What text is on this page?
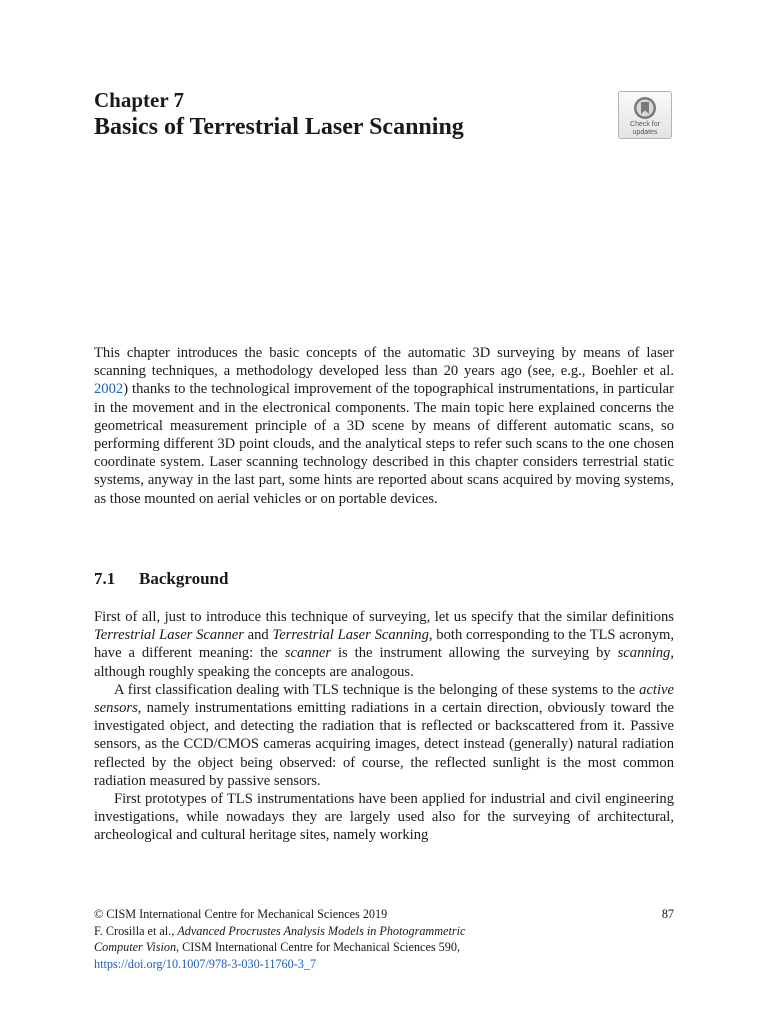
Chapter 7
Basics of Terrestrial Laser Scanning	Check for
updates
This chapter introduces the basic concepts of the automatic 3D surveying by means of laser scanning techniques, a methodology developed less than 20 years ago (see, e.g., Boehler et al. 2002) thanks to the technological improvement of the topographical instrumentations, in particular in the movement and in the electronical components. The main topic here explained concerns the geometrical measurement principle of a 3D scene by means of different automatic scans, so performing different 3D point clouds, and the analytical steps to refer such scans to the one chosen coordinate system. Laser scanning technology described in this chapter considers terrestrial static systems, anyway in the last part, some hints are reported about scans acquired by moving systems, as those mounted on aerial vehicles or on portable devices.
7.1 Background

First of all, just to introduce this technique of surveying, let us specify that the similar definitions Terrestrial Laser Scanner and Terrestrial Laser Scanning, both corresponding to the TLS acronym, have a different meaning: the scanner is the instrument allowing the surveying by scanning, although roughly speaking the concepts are analogous.

A first classification dealing with TLS technique is the belonging of these systems to the active sensors, namely instrumentations emitting radiations in a certain direction, obviously toward the investigated object, and detecting the radiation that is reflected or backscattered from it. Passive sensors, as the CCD/CMOS cameras acquiring images, detect instead (generally) natural radiation reflected by the object being observed: of course, the reflected sunlight is the most common radiation measured by passive sensors.

First prototypes of TLS instrumentations have been applied for industrial and civil engineering investigations, while nowadays they are largely used also for the surveying of architectural, archeological and cultural heritage sites, namely working

© CISM International Centre for Mechanical Sciences 2019
F. Crosilla et al., Advanced Procrustes Analysis Models in Photogrammetric
Computer Vision, CISM International Centre for Mechanical Sciences 590,
https://doi.org/10.1007/978-3-030-11760-3_7
87
